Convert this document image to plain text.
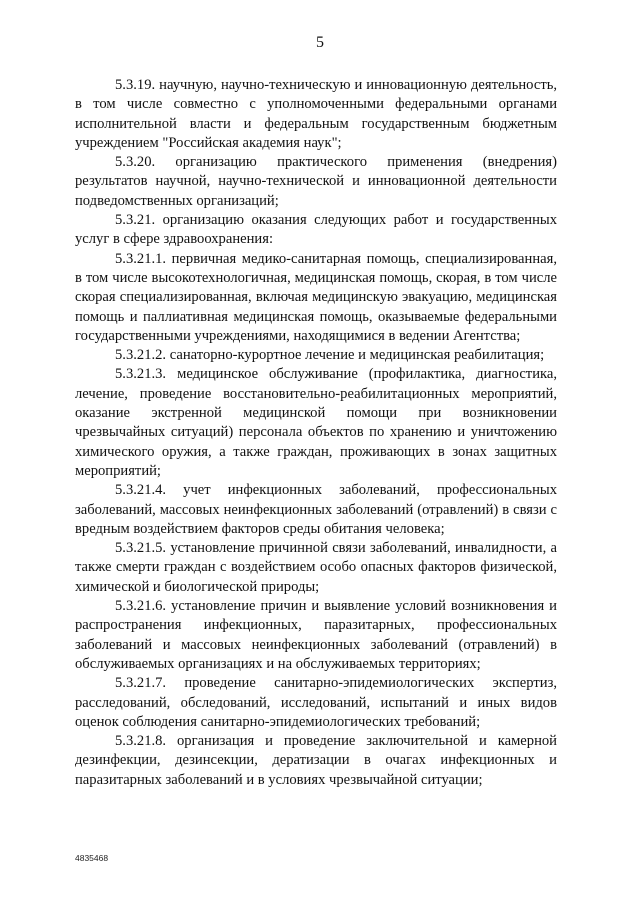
5

5.3.19. научную, научно-техническую и инновационную деятельность, в том числе совместно с уполномоченными федеральными органами исполнительной власти и федеральным государственным бюджетным учреждением "Российская академия наук";

5.3.20. организацию практического применения (внедрения) результатов научной, научно-технической и инновационной деятельности подведомственных организаций;

5.3.21. организацию оказания следующих работ и государственных услуг в сфере здравоохранения:

5.3.21.1. первичная медико-санитарная помощь, специализированная, в том числе высокотехнологичная, медицинская помощь, скорая, в том числе скорая специализированная, включая медицинскую эвакуацию, медицинская помощь и паллиативная медицинская помощь, оказываемые федеральными государственными учреждениями, находящимися в ведении Агентства;

5.3.21.2. санаторно-курортное лечение и медицинская реабилитация;

5.3.21.3. медицинское обслуживание (профилактика, диагностика, лечение, проведение восстановительно-реабилитационных мероприятий, оказание экстренной медицинской помощи при возникновении чрезвычайных ситуаций) персонала объектов по хранению и уничтожению химического оружия, а также граждан, проживающих в зонах защитных мероприятий;

5.3.21.4. учет инфекционных заболеваний, профессиональных заболеваний, массовых неинфекционных заболеваний (отравлений) в связи с вредным воздействием факторов среды обитания человека;

5.3.21.5. установление причинной связи заболеваний, инвалидности, а также смерти граждан с воздействием особо опасных факторов физической, химической и биологической природы;

5.3.21.6. установление причин и выявление условий возникновения и распространения инфекционных, паразитарных, профессиональных заболеваний и массовых неинфекционных заболеваний (отравлений) в обслуживаемых организациях и на обслуживаемых территориях;

5.3.21.7. проведение санитарно-эпидемиологических экспертиз, расследований, обследований, исследований, испытаний и иных видов оценок соблюдения санитарно-эпидемиологических требований;

5.3.21.8. организация и проведение заключительной и камерной дезинфекции, дезинсекции, дератизации в очагах инфекционных и паразитарных заболеваний и в условиях чрезвычайной ситуации;

4835468
